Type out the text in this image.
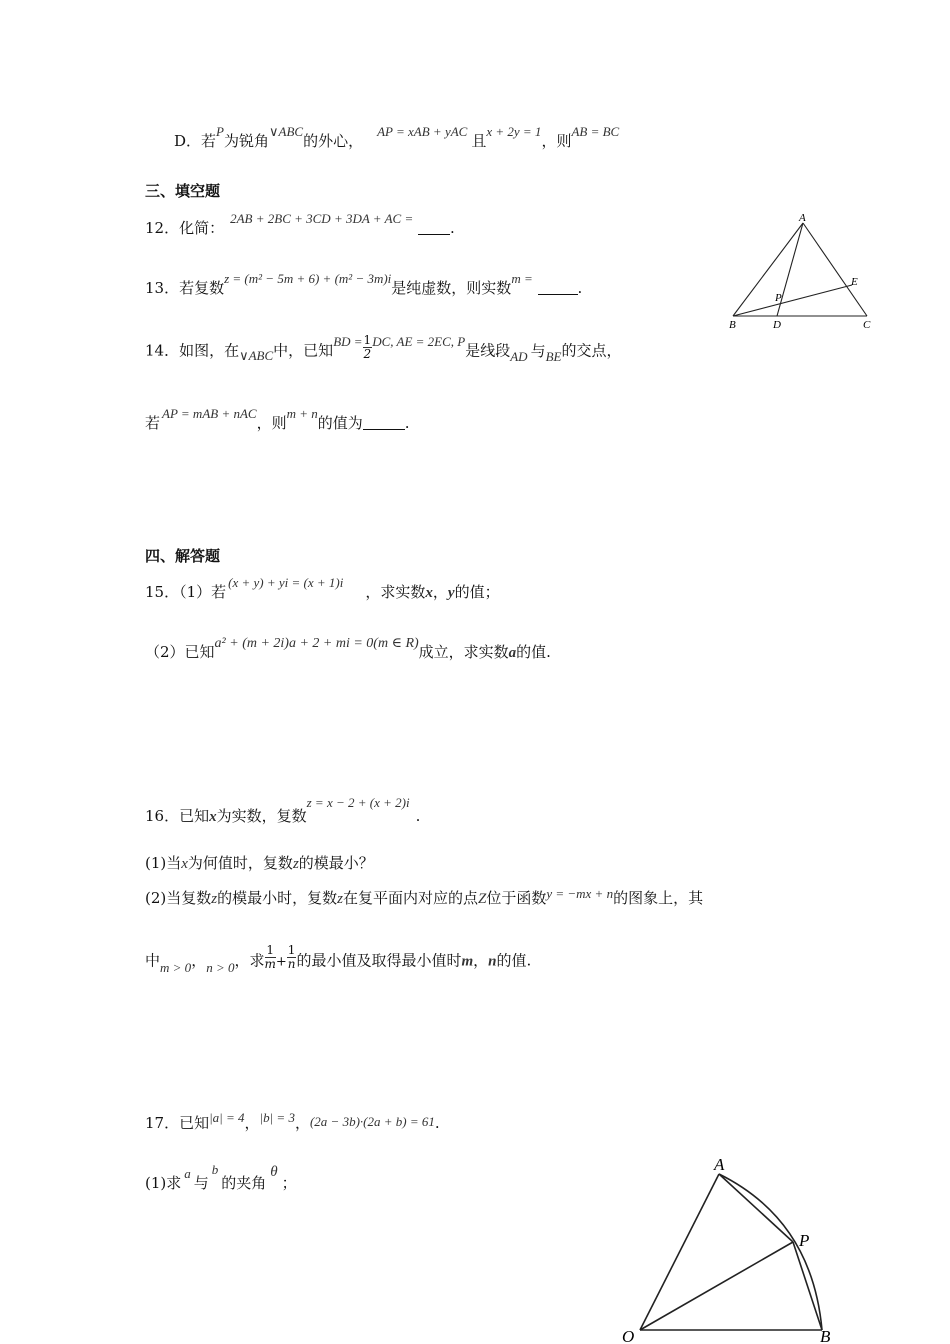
D．若P为锐角∨ABC的外心，AP = xAB + yAC且x + 2y = 1，则AB = BC
三、填空题
12．化简：2AB + 2BC + 3CD + 3DA + AC = .
13．若复数z = (m² − 5m + 6) + (m² − 3m)i是纯虚数，则实数m = .
14．如图，在∨ABC中，已知BD = $\frac{1}{2}$ DC, AE = 2EC, P是线段AD 与BE的交点，
若AP = mAB + nAC，则m + n的值为	.
A
B	C
D
E
P
四、解答题
15．（1）若(x + y) + yi = (x + 1)i，求实数x，y的值；
（2）已知a² + (m + 2i)a + 2 + mi = 0(m ∈ R)成立，求实数a的值.
16．已知x为实数，复数z = x − 2 + (x + 2)i.
(1)当x为何值时，复数z的模最小？
(2)当复数z的模最小时，复数z在复平面内对应的点Z位于函数y = −mx + n的图象上，其
中m > 0，n > 0，求 $\frac{1}{m} + \frac{1}{n}$ 的最小值及取得最小值时m，n的值.
17．已知|a| = 4，|b| = 3，(2a − 3b)·(2a + b) = 61.
(1)求a与b的夹角θ；
A
P
O	B
